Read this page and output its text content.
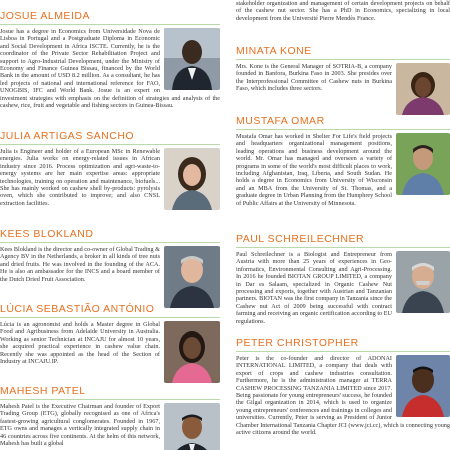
JOSUE ALMEIDA
Josue has a degree in Economics from Universidade Nova de Lisboa in Portugal and a Postgraduate Diploma in Economic and Social Development in Africa ISCTE. Currently, he is the coordinator of the Private Sector Rehabilitation Project and support to Agro-Industrial Development, under the Ministry of Economy and Finance Guinea Bissau, financed by the World Bank in the amount of USD 8.2 million. As a consultant, he has led projects of national and international reference for FAO, UNOGBIS, IFC and World Bank. Josue is an expert on investment strategies with emphasis on the definition of strategies and analysis of the cashew, rice, fruit and vegetable and fishing sectors in Guinea-Bissau.
JULIA ARTIGAS SANCHO
Julia is Engineer and holder of a European MSc in Renewable energies. Julia works on energy-related issues in African industry since 2016. Process optimization and agri-waste-to-energy systems are her main expertise areas: appropriate technologies, training on operation and maintenance, biofuels... She has mainly worked on cashew shell by-products: pyrolysis oven, which she contributed to improve; and also CNSL extraction facilities.
KEES BLOKLAND
Kees Blokland is the director and co-owner of Global Trading & Agency BV in the Netherlands, a broker in all kinds of tree nuts and dried fruits. He was involved in the founding of the ACA. He is also an ambassador for the INCS and a board member of the Dutch Dried Fruit Association.
LÚCIA SEBASTIÃO ANTÓNIO
Lúcia is an agronomist and holds a Master degree in Global Food and Agribusiness from Adelaide University in Australia. Working as senior Technician at INCAJU for almost 10 years, she acquired practical experience in cashew value chain. Recently she was appointed as the head of the Section of Industry at INCAJU.IP.
MAHESH PATEL
Mahesh Patel is the Executive Chairman and founder of Export Trading Group (ETG), globally recognised as one of Africa's fastest-growing agricultural conglomerates. Founded in 1967, ETG owns and manages a vertically integrated supply chain in 46 countries across five continents. At the helm of this network, Mahesh has built a global
stakeholder organization and management of certain development projects on behalf of the cashew nut sector. She has a PhD in Economics, specializing in local development from the Université Pierre Mendès France.
MINATA KONE
Mrs. Kone is the General Manager of SOTRIA-B, a company founded in Banfora, Burkina Faso in 2003. She presides over the Interprofessional Committee of Cashew nuts in Burkina Faso, which includes three sectors.
MUSTAFA OMAR
Mustafa Omar has worked in Shelter For Life's field projects and headquarters organizational management positions, leading operations and business development around the world. Mr. Omar has managed and overseen a variety of programs in some of the world's most difficult places to work, including Afghanistan, Iraq, Liberia, and South Sudan. He holds a degree in Economics from University of Wisconsin and an MBA from the University of St. Thomas, and a graduate degree in Urban Planning from the Humphrey School of Public Affairs at the University of Minnesota.
PAUL SCHREILECHNER
Paul Schreilechner is a Biologist and Entrepreneur from Austria with more than 25 years of experiences in Geo-informatics, Environmental Consulting and Agri-Processing. In 2016 he founded BIOTAN GROUP LIMITED, a company in Dar es Salaam, specialized in Organic Cashew Nut processing and exports, together with Austrian and Tanzanian partners. BIOTAN was the first company in Tanzania since the Cashew nut Act of 2009 being successful with contract farming and receiving an organic certification according to EU regulations.
PETER CHRISTOPHER
Peter is the co-founder and director of ADONAI INTERNATIONAL LIMITED, a company that deals with export of crops and cashew industries consultation. Furthermore, he is the administration manager at TERRA CASHEW PROCESSING TANZANIA LIMITED since 2017. Being passionate for young entrepreneurs' success, he founded the Gilgal organization in 2014, which is used to organize young entrepreneurs' conferences and trainings in colleges and universities. Currently, Peter is serving as President of Junior Chamber International Tanzania Chapter JCI (www.jci.cc), which is connecting young active citizens around the world.
